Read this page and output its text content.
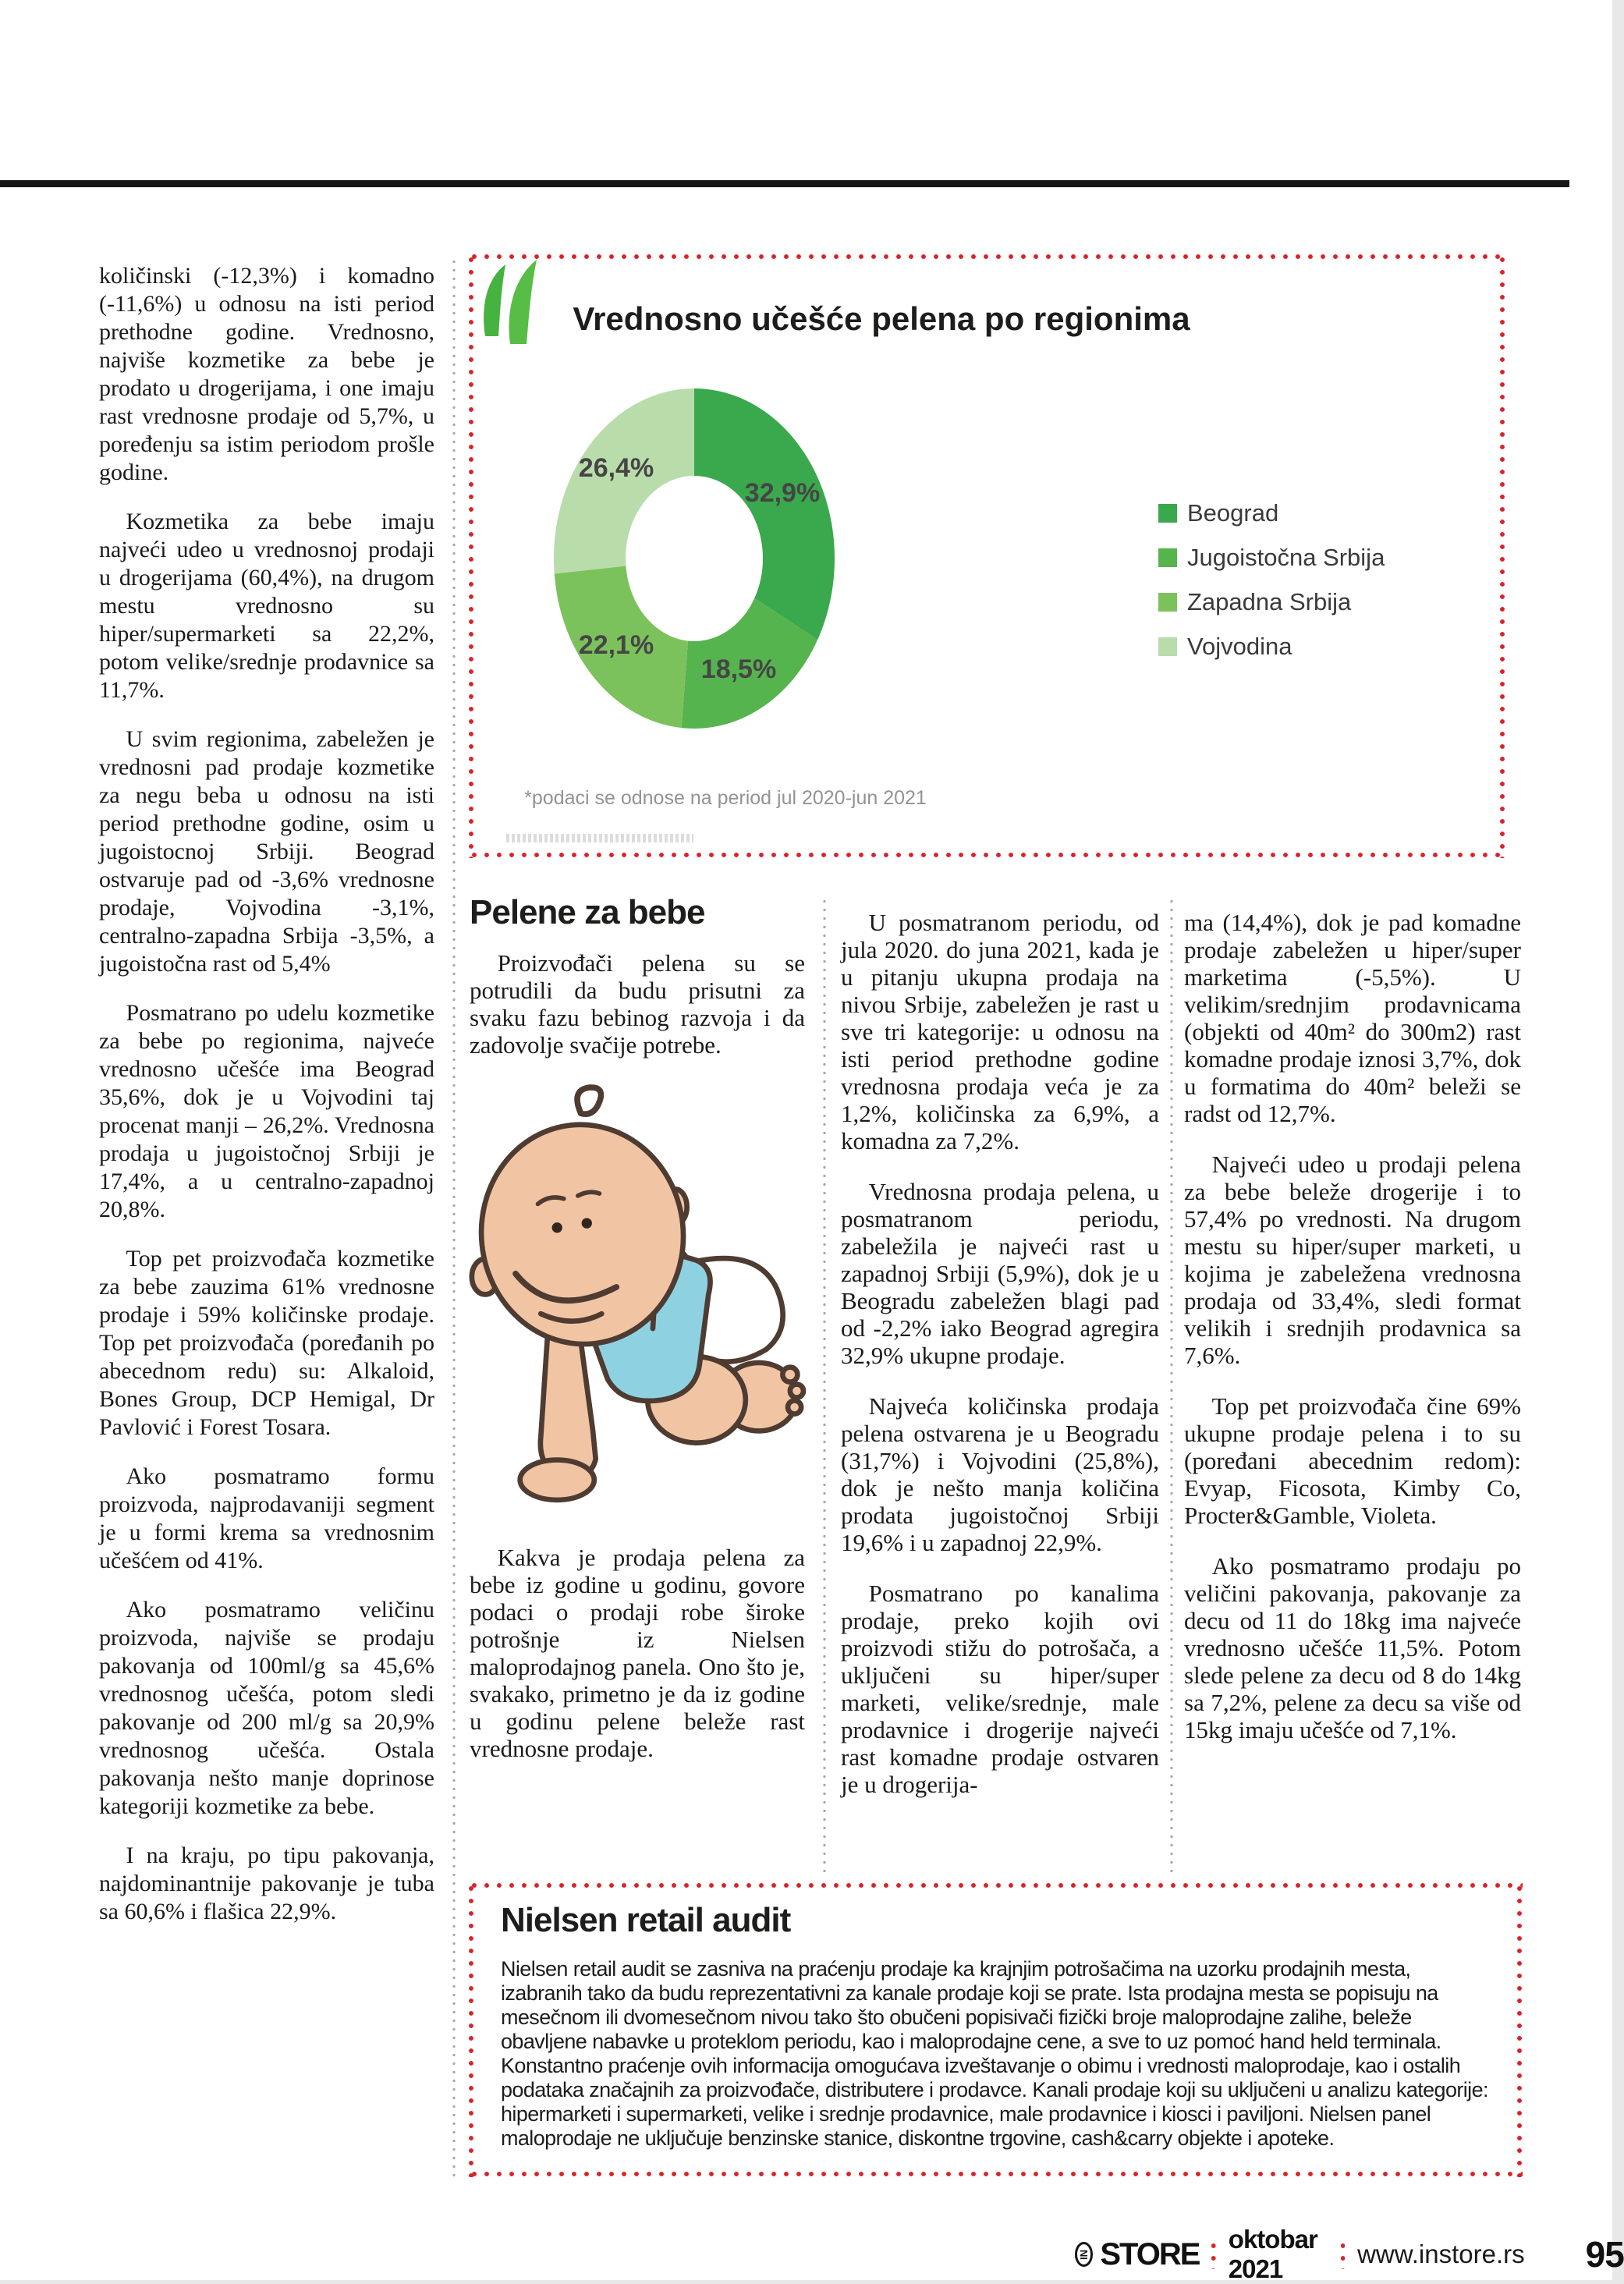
količinski (-12,3%) i komadno (-11,6%) u odnosu na isti period prethodne godine. Vrednosno, najviše kozmetike za bebe je prodato u drogerijama, i one imaju rast vrednosne prodaje od 5,7%, u poređenju sa istim periodom prošle godine.

Kozmetika za bebe imaju najveći udeo u vrednosnoj prodaji u drogerijama (60,4%), na drugom mestu vrednosno su hiper/supermarketi sa 22,2%, potom velike/srednje prodavnice sa 11,7%.

U svim regionima, zabeležen je vrednosni pad prodaje kozmetike za negu beba u odnosu na isti period prethodne godine, osim u jugoistocnoj Srbiji. Beograd ostvaruje pad od -3,6% vrednosne prodaje, Vojvodina -3,1%, centralno-zapadna Srbija -3,5%, a jugoistočna rast od 5,4%

Posmatrano po udelu kozmetike za bebe po regionima, najveće vrednosno učešće ima Beograd 35,6%, dok je u Vojvodini taj procenat manji – 26,2%. Vrednosna prodaja u jugoistočnoj Srbiji je 17,4%, a u centralno-zapadnoj 20,8%.

Top pet proizvođača kozmetike za bebe zauzima 61% vrednosne prodaje i 59% količinske prodaje. Top pet proizvođača (poređanih po abecednom redu) su: Alkaloid, Bones Group, DCP Hemigal, Dr Pavlović i Forest Tosara.

Ako posmatramo formu proizvoda, najprodavaniji segment je u formi krema sa vrednosnim učešćem od 41%.

Ako posmatramo veličinu proizvoda, najviše se prodaju pakovanja od 100ml/g sa 45,6% vrednosnog učešća, potom sledi pakovanje od 200 ml/g sa 20,9% vrednosnog učešća. Ostala pakovanja nešto manje doprinose kategoriji kozmetike za bebe.

I na kraju, po tipu pakovanja, najdominantnije pakovanje je tuba sa 60,6% i flašica 22,9%.

Vrednosno učešće pelena po regionima
32,9%
18,5%
22,1%
26,4%
Beograd
Jugoistočna Srbija
Zapadna Srbija
Vojvodina
*podaci se odnose na period jul 2020-jun 2021
Pelene za bebe

Proizvođači pelena su se potrudili da budu prisutni za svaku fazu bebinog razvoja i da zadovolje svačije potrebe.

Kakva je prodaja pelena za bebe iz godine u godinu, govore podaci o prodaji robe široke potrošnje iz Nielsen maloprodajnog panela. Ono što je, svakako, primetno je da iz godine u godinu pelene beleže rast vrednosne prodaje.

U posmatranom periodu, od jula 2020. do juna 2021, kada je u pitanju ukupna prodaja na nivou Srbije, zabeležen je rast u sve tri kategorije: u odnosu na isti period prethodne godine vrednosna prodaja veća je za 1,2%, količinska za 6,9%, a komadna za 7,2%.

Vrednosna prodaja pelena, u posmatranom periodu, zabeležila je najveći rast u zapadnoj Srbiji (5,9%), dok je u Beogradu zabeležen blagi pad od -2,2% iako Beograd agregira 32,9% ukupne prodaje.

Najveća količinska prodaja pelena ostvarena je u Beogradu (31,7%) i Vojvodini (25,8%), dok je nešto manja količina prodata jugoistočnoj Srbiji 19,6% i u zapadnoj 22,9%.

Posmatrano po kanalima prodaje, preko kojih ovi proizvodi stižu do potrošača, a uključeni su hiper/super marketi, velike/srednje, male prodavnice i drogerije najveći rast komadne prodaje ostvaren je u drogerija-

ma (14,4%), dok je pad komadne prodaje zabeležen u hiper/super marketima (-5,5%). U velikim/srednjim prodavnicama (objekti od 40m² do 300m2) rast komadne prodaje iznosi 3,7%, dok u formatima do 40m² beleži se radst od 12,7%.

Najveći udeo u prodaji pelena za bebe beleže drogerije i to 57,4% po vrednosti. Na drugom mestu su hiper/super marketi, u kojima je zabeležena vrednosna prodaja od 33,4%, sledi format velikih i srednjih prodavnica sa 7,6%.

Top pet proizvođača čine 69% ukupne prodaje pelena i to su (poređani abecednim redom): Evyap, Ficosota, Kimby Co, Procter&Gamble, Violeta.

Ako posmatramo prodaju po veličini pakovanja, pakovanje za decu od 11 do 18kg ima najveće vrednosno učešće 11,5%. Potom slede pelene za decu od 8 do 14kg sa 7,2%, pelene za decu sa više od 15kg imaju učešće od 7,1%.

Nielsen retail audit
Nielsen retail audit se zasniva na praćenju prodaje ka krajnjim potrošačima na uzorku prodajnih mesta, izabranih tako da budu reprezentativni za kanale prodaje koji se prate. Ista prodajna mesta se popisuju na mesečnom ili dvomesečnom nivou tako što obučeni popisivači fizički broje maloprodajne zalihe, beleže obavljene nabavke u proteklom periodu, kao i maloprodajne cene, a sve to uz pomoć hand held terminala. Konstantno praćenje ovih informacija omogućava izveštavanje o obimu i vrednosti maloprodaje, kao i ostalih podataka značajnih za proizvođače, distributere i prodavce. Kanali prodaje koji su uključeni u analizu kategorije: hipermarketi i supermarketi, velike i srednje prodavnice, male prodavnice i kiosci i paviljoni. Nielsen panel maloprodaje ne uključuje benzinske stanice, diskontne trgovine, cash&carry objekte i apoteke.
IN STORE oktobar 2021
www.instore.rs 95
